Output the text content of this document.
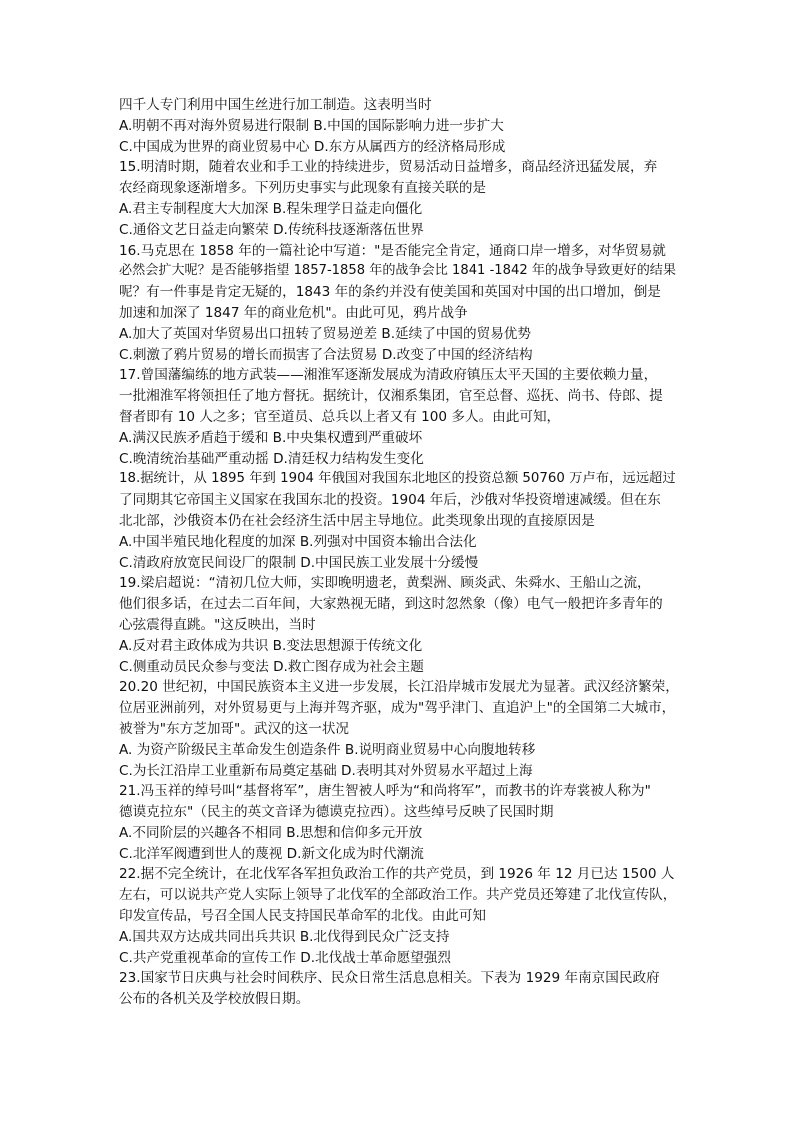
四千人专门利用中国生丝进行加工制造。这表明当时
A.明朝不再对海外贸易进行限制 B.中国的国际影响力进一步扩大
C.中国成为世界的商业贸易中心 D.东方从属西方的经济格局形成
15.明清时期，随着农业和手工业的持续进步，贸易活动日益增多，商品经济迅猛发展，弃
农经商现象逐渐增多。下列历史事实与此现象有直接关联的是
A.君主专制程度大大加深 B.程朱理学日益走向僵化
C.通俗文艺日益走向繁荣 D.传统科技逐渐落伍世界
16.马克思在 1858 年的一篇社论中写道："是否能完全肯定，通商口岸一增多，对华贸易就
必然会扩大呢？是否能够指望 1857-1858 年的战争会比 1841 -1842 年的战争导致更好的结果
呢？有一件事是肯定无疑的，1843 年的条约并没有使美国和英国对中国的出口增加，倒是
加速和加深了 1847 年的商业危机"。由此可见，鸦片战争
A.加大了英国对华贸易出口扭转了贸易逆差 B.延续了中国的贸易优势
C.刺激了鸦片贸易的增长而损害了合法贸易 D.改变了中国的经济结构
17.曾国藩编练的地方武装——湘淮军逐渐发展成为清政府镇压太平天国的主要依赖力量，
一批湘淮军将领担任了地方督抚。据统计，仅湘系集团，官至总督、巡抚、尚书、侍郎、提
督者即有 10 人之多；官至道员、总兵以上者又有 100 多人。由此可知，
A.满汉民族矛盾趋于缓和 B.中央集权遭到严重破坏
C.晚清统治基础严重动摇 D.清廷权力结构发生变化
18.据统计，从 1895 年到 1904 年俄国对我国东北地区的投资总额 50760 万卢布，远远超过
了同期其它帝国主义国家在我国东北的投资。1904 年后，沙俄对华投资增速减缓。但在东
北北部，沙俄资本仍在社会经济生活中居主导地位。此类现象出现的直接原因是
A.中国半殖民地化程度的加深 B.列强对中国资本输出合法化
C.清政府放宽民间设厂的限制 D.中国民族工业发展十分缓慢
19.梁启超说：“清初几位大师，实即晚明遗老，黄梨洲、顾炎武、朱舜水、王船山之流，
他们很多话，在过去二百年间，大家熟视无睹，到这时忽然象（像）电气一般把许多青年的
心弦震得直跳。"这反映出，当时
A.反对君主政体成为共识 B.变法思想源于传统文化
C.侧重动员民众参与变法 D.救亡图存成为社会主题
20.20 世纪初，中国民族资本主义进一步发展，长江沿岸城市发展尤为显著。武汉经济繁荣，
位居亚洲前列，对外贸易更与上海并驾齐驱，成为"驾乎津门、直追沪上"的全国第二大城市，
被誉为"东方芝加哥"。武汉的这一状况
A. 为资产阶级民主革命发生创造条件 B.说明商业贸易中心向腹地转移
C.为长江沿岸工业重新布局奠定基础 D.表明其对外贸易水平超过上海
21.冯玉祥的绰号叫“基督将军”，唐生智被人呼为“和尚将军”，而教书的许寿裳被人称为"
德谟克拉东"（民主的英文音译为德谟克拉西）。这些绰号反映了民国时期
A.不同阶层的兴趣各不相同 B.思想和信仰多元开放
C.北洋军阀遭到世人的蔑视 D.新文化成为时代潮流
22.据不完全统计，在北伐军各军担负政治工作的共产党员，到 1926 年 12 月已达 1500 人
左右，可以说共产党人实际上领导了北伐军的全部政治工作。共产党员还筹建了北伐宣传队，
印发宣传品，号召全国人民支持国民革命军的北伐。由此可知
A.国共双方达成共同出兵共识 B.北伐得到民众广泛支持
C.共产党重视革命的宣传工作 D.北伐战士革命愿望强烈
23.国家节日庆典与社会时间秩序、民众日常生活息息相关。下表为 1929 年南京国民政府
公布的各机关及学校放假日期。
